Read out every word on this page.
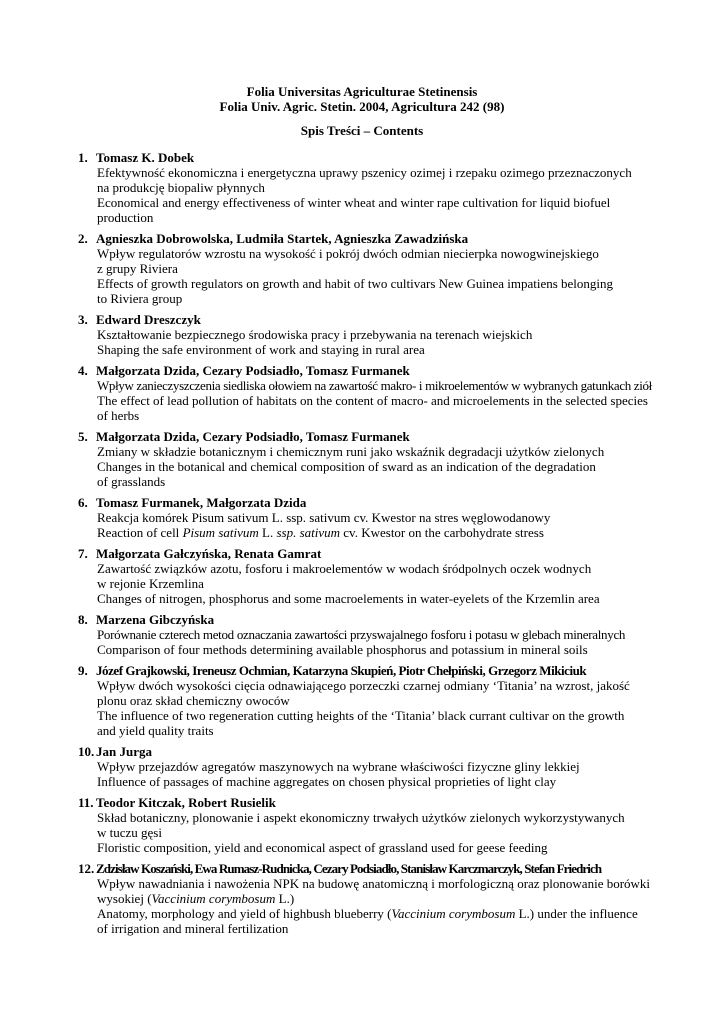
Folia Universitas Agriculturae Stetinensis
Folia Univ. Agric. Stetin. 2004, Agricultura 242 (98)
Spis Treści – Contents
1. Tomasz K. Dobek
Efektywność ekonomiczna i energetyczna uprawy pszenicy ozimej i rzepaku ozimego przeznaczonych
na produkcję biopaliw płynnych
Economical and energy effectiveness of winter wheat and winter rape cultivation for liquid biofuel
production
2. Agnieszka Dobrowolska, Ludmiła Startek, Agnieszka Zawadzińska
Wpływ regulatorów wzrostu na wysokość i pokrój dwóch odmian niecierpka nowogwinejskiego
z grupy Riviera
Effects of growth regulators on growth and habit of two cultivars New Guinea impatiens belonging
to Riviera group
3. Edward Dreszczyk
Kształtowanie bezpiecznego środowiska pracy i przebywania na terenach wiejskich
Shaping the safe environment of work and staying in rural area
4. Małgorzata Dzida, Cezary Podsiadło, Tomasz Furmanek
Wpływ zanieczyszczenia siedliska ołowiem na zawartość makro- i mikroelementów w wybranych gatunkach ziół
The effect of lead pollution of habitats on the content of macro- and microelements in the selected species
of herbs
5. Małgorzata Dzida, Cezary Podsiadło, Tomasz Furmanek
Zmiany w składzie botanicznym i chemicznym runi jako wskaźnik degradacji użytków zielonych
Changes in the botanical and chemical composition of sward as an indication of the degradation
of grasslands
6. Tomasz Furmanek, Małgorzata Dzida
Reakcja komórek Pisum sativum L. ssp. sativum cv. Kwestor na stres węglowodanowy
Reaction of cell Pisum sativum L. ssp. sativum cv. Kwestor on the carbohydrate stress
7. Małgorzata Gałczyńska, Renata Gamrat
Zawartość związków azotu, fosforu i makroelementów w wodach śródpolnych oczek wodnych
w rejonie Krzemlina
Changes of nitrogen, phosphorus and some macroelements in water-eyelets of the Krzemlin area
8. Marzena Gibczyńska
Porównanie czterech metod oznaczania zawartości przyswajalnego fosforu i potasu w glebach mineralnych
Comparison of four methods determining available phosphorus and potassium in mineral soils
9. Józef Grajkowski, Ireneusz Ochmian, Katarzyna Skupień, Piotr Chełpiński, Grzegorz Mikiciuk
Wpływ dwóch wysokości cięcia odnawiającego porzeczki czarnej odmiany ‘Titania’ na wzrost, jakość
plonu oraz skład chemiczny owoców
The influence of two regeneration cutting heights of the ‘Titania’ black currant cultivar on the growth
and yield quality traits
10. Jan Jurga
Wpływ przejazdów agregatów maszynowych na wybrane właściwości fizyczne gliny lekkiej
Influence of passages of machine aggregates on chosen physical proprieties of light clay
11. Teodor Kitczak, Robert Rusielik
Skład botaniczny, plonowanie i aspekt ekonomiczny trwałych użytków zielonych wykorzystywanych
w tuczu gęsi
Floristic composition, yield and economical aspect of grassland used for geese feeding
12. Zdzisław Koszański, Ewa Rumasz-Rudnicka, Cezary Podsiadło, Stanisław Karczmarczyk, Stefan Friedrich
Wpływ nawadniania i nawożenia NPK na budowę anatomiczną i morfologiczną oraz plonowanie borówki
wysokiej (Vaccinium corymbosum L.)
Anatomy, morphology and yield of highbush blueberry (Vaccinium corymbosum L.) under the influence
of irrigation and mineral fertilization
